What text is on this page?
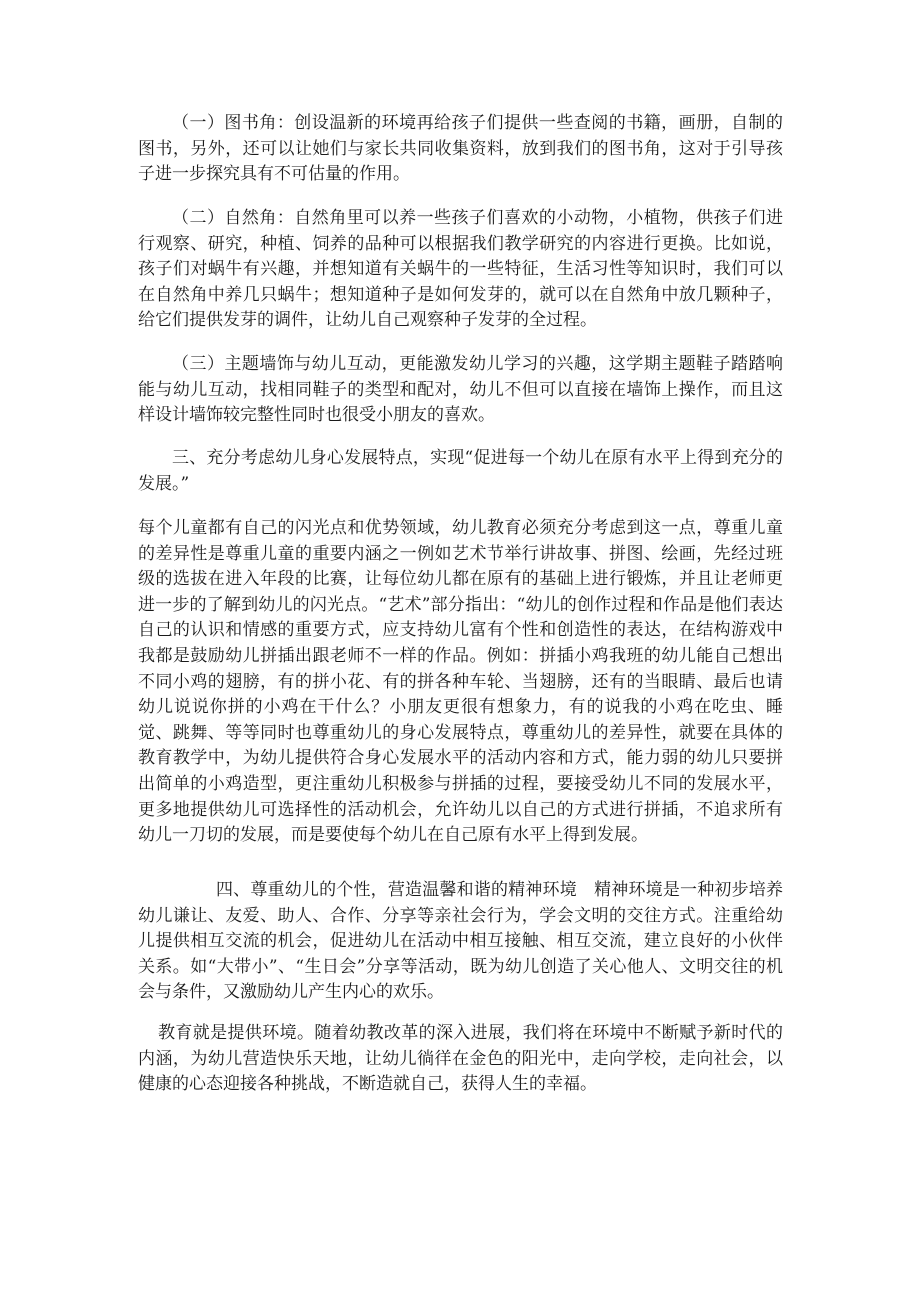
（一）图书角：创设温新的环境再给孩子们提供一些查阅的书籍，画册，自制的图书，另外，还可以让她们与家长共同收集资料，放到我们的图书角，这对于引导孩子进一步探究具有不可估量的作用。

（二）自然角：自然角里可以养一些孩子们喜欢的小动物，小植物，供孩子们进行观察、研究，种植、饲养的品种可以根据我们教学研究的内容进行更换。比如说，孩子们对蜗牛有兴趣，并想知道有关蜗牛的一些特征，生活习性等知识时，我们可以在自然角中养几只蜗牛；想知道种子是如何发芽的，就可以在自然角中放几颗种子，给它们提供发芽的调件，让幼儿自己观察种子发芽的全过程。

（三）主题墙饰与幼儿互动，更能激发幼儿学习的兴趣，这学期主题鞋子踏踏响能与幼儿互动，找相同鞋子的类型和配对，幼儿不但可以直接在墙饰上操作，而且这样设计墙饰较完整性同时也很受小朋友的喜欢。

三、充分考虑幼儿身心发展特点，实现“促进每一个幼儿在原有水平上得到充分的发展。”

每个儿童都有自己的闪光点和优势领域，幼儿教育必须充分考虑到这一点，尊重儿童的差异性是尊重儿童的重要内涵之一例如艺术节举行讲故事、拼图、绘画，先经过班级的选拔在进入年段的比赛，让每位幼儿都在原有的基础上进行锻炼，并且让老师更进一步的了解到幼儿的闪光点。“艺术”部分指出：“幼儿的创作过程和作品是他们表达自己的认识和情感的重要方式，应支持幼儿富有个性和创造性的表达，在结构游戏中我都是鼓励幼儿拼插出跟老师不一样的作品。例如：拼插小鸡我班的幼儿能自己想出不同小鸡的翅膀，有的拼小花、有的拼各种车轮、当翅膀，还有的当眼睛、最后也请幼儿说说你拼的小鸡在干什么？小朋友更很有想象力，有的说我的小鸡在吃虫、睡觉、跳舞、等等同时也尊重幼儿的身心发展特点，尊重幼儿的差异性，就要在具体的教育教学中，为幼儿提供符合身心发展水平的活动内容和方式，能力弱的幼儿只要拼出简单的小鸡造型，更注重幼儿积极参与拼插的过程，要接受幼儿不同的发展水平，更多地提供幼儿可选择性的活动机会，允许幼儿以自己的方式进行拼插，不追求所有幼儿一刀切的发展，而是要使每个幼儿在自己原有水平上得到发展。

四、尊重幼儿的个性，营造温馨和谐的精神环境　精神环境是一种初步培养幼儿谦让、友爱、助人、合作、分享等亲社会行为，学会文明的交往方式。注重给幼儿提供相互交流的机会，促进幼儿在活动中相互接触、相互交流，建立良好的小伙伴关系。如“大带小”、“生日会”分享等活动，既为幼儿创造了关心他人、文明交往的机会与条件，又激励幼儿产生内心的欢乐。

教育就是提供环境。随着幼教改革的深入进展，我们将在环境中不断赋予新时代的内涵，为幼儿营造快乐天地，让幼儿徜徉在金色的阳光中，走向学校，走向社会，以健康的心态迎接各种挑战，不断造就自己，获得人生的幸福。
